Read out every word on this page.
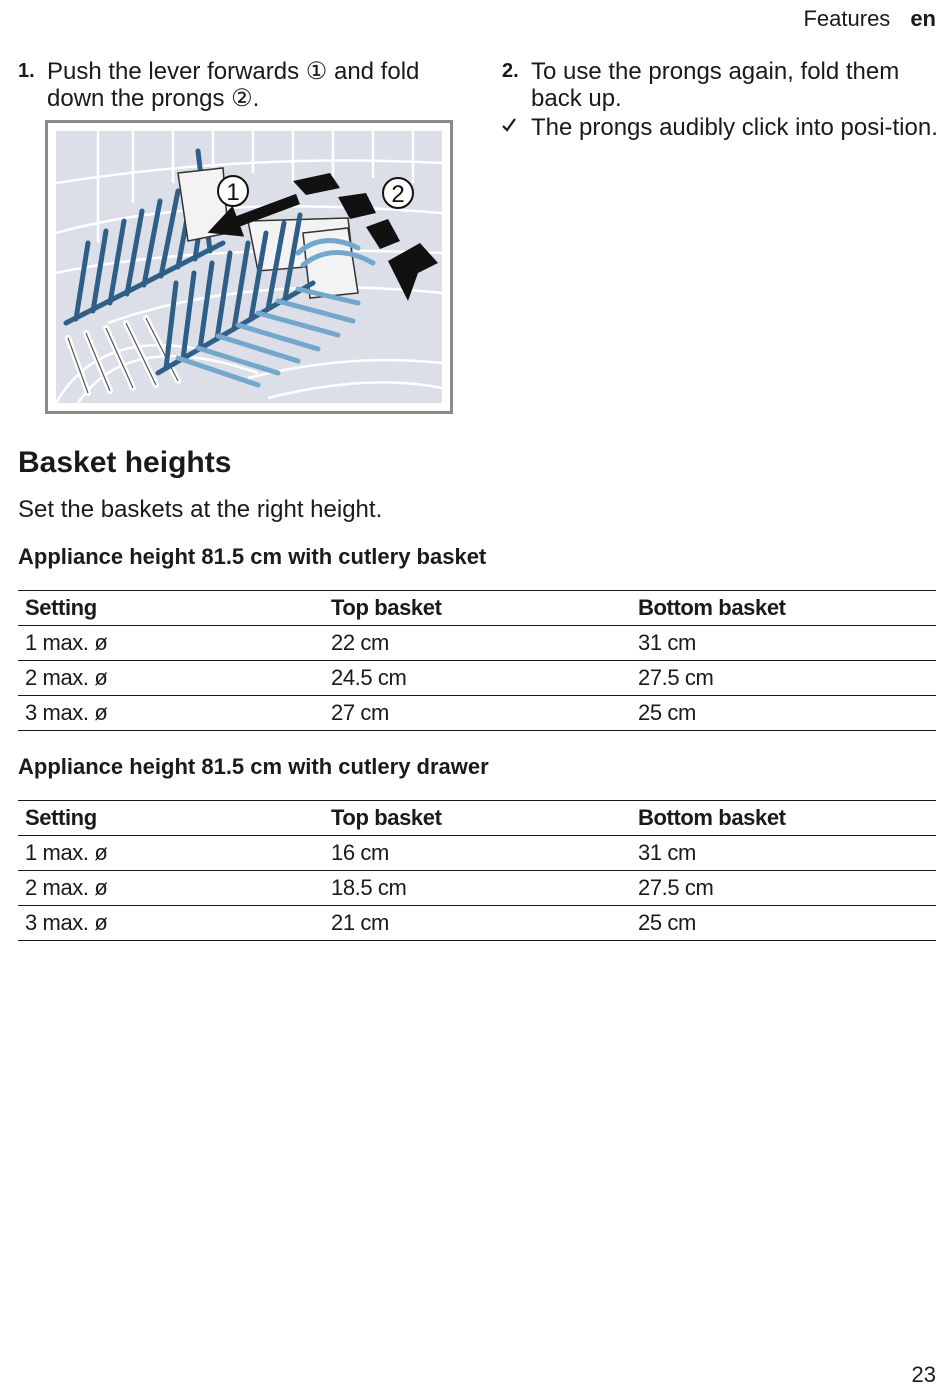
Features en
1. Push the lever forwards ① and fold down the prongs ②.
1	2
2. To use the prongs again, fold them back up.
The prongs audibly click into posi-tion.
Basket heights

Set the baskets at the right height.

Appliance height 81.5 cm with cutlery basket
Setting	Top basket	Bottom basket
1 max. ø	22 cm	31 cm
2 max. ø	24.5 cm	27.5 cm
3 max. ø	27 cm	25 cm
Appliance height 81.5 cm with cutlery drawer
Setting	Top basket	Bottom basket
1 max. ø	16 cm	31 cm
2 max. ø	18.5 cm	27.5 cm
3 max. ø	21 cm	25 cm
23
